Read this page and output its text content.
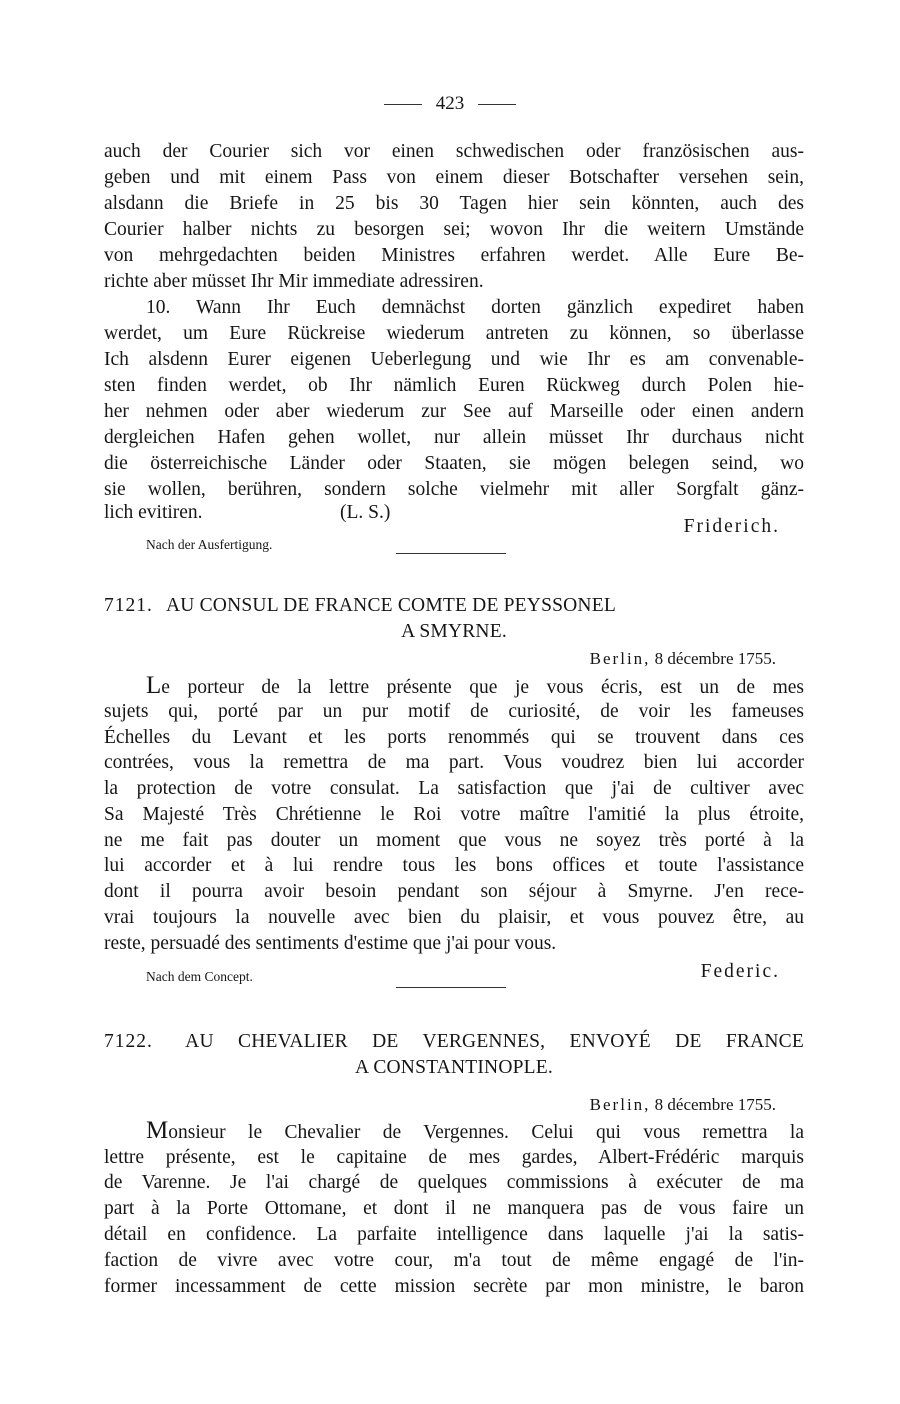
423
auch der Courier sich vor einen schwedischen oder französischen aus-
geben und mit einem Pass von einem dieser Botschafter versehen sein,
alsdann die Briefe in 25 bis 30 Tagen hier sein könnten, auch des
Courier halber nichts zu besorgen sei; wovon Ihr die weitern Umstände
von mehrgedachten beiden Ministres erfahren werdet. Alle Eure Be-
richte aber müsset Ihr Mir immediate adressiren.
10. Wann Ihr Euch demnächst dorten gänzlich expediret haben
werdet, um Eure Rückreise wiederum antreten zu können, so überlasse
Ich alsdenn Eurer eigenen Ueberlegung und wie Ihr es am convenable-
sten finden werdet, ob Ihr nämlich Euren Rückweg durch Polen hie-
her nehmen oder aber wiederum zur See auf Marseille oder einen andern
dergleichen Hafen gehen wollet, nur allein müsset Ihr durchaus nicht
die österreichische Länder oder Staaten, sie mögen belegen seind, wo
sie wollen, berühren, sondern solche vielmehr mit aller Sorgfalt gänz-
lich evitiren.	(L. S.)
Friderich.
Nach der Ausfertigung.
7121. AU CONSUL DE FRANCE COMTE DE PEYSSONEL
A SMYRNE.
Berlin, 8 décembre 1755.
Le porteur de la lettre présente que je vous écris, est un de mes
sujets qui, porté par un pur motif de curiosité, de voir les fameuses
Échelles du Levant et les ports renommés qui se trouvent dans ces
contrées, vous la remettra de ma part. Vous voudrez bien lui accorder
la protection de votre consulat. La satisfaction que j'ai de cultiver avec
Sa Majesté Très Chrétienne le Roi votre maître l'amitié la plus étroite,
ne me fait pas douter un moment que vous ne soyez très porté à la
lui accorder et à lui rendre tous les bons offices et toute l'assistance
dont il pourra avoir besoin pendant son séjour à Smyrne. J'en rece-
vrai toujours la nouvelle avec bien du plaisir, et vous pouvez être, au
reste, persuadé des sentiments d'estime que j'ai pour vous.
Nach dem Concept.	Federic.
7122. AU CHEVALIER DE VERGENNES, ENVOYÉ DE FRANCE
A CONSTANTINOPLE.
Berlin, 8 décembre 1755.
Monsieur le Chevalier de Vergennes. Celui qui vous remettra la
lettre présente, est le capitaine de mes gardes, Albert-Frédéric marquis
de Varenne. Je l'ai chargé de quelques commissions à exécuter de ma
part à la Porte Ottomane, et dont il ne manquera pas de vous faire un
détail en confidence. La parfaite intelligence dans laquelle j'ai la satis-
faction de vivre avec votre cour, m'a tout de même engagé de l'in-
former incessamment de cette mission secrète par mon ministre, le baron
